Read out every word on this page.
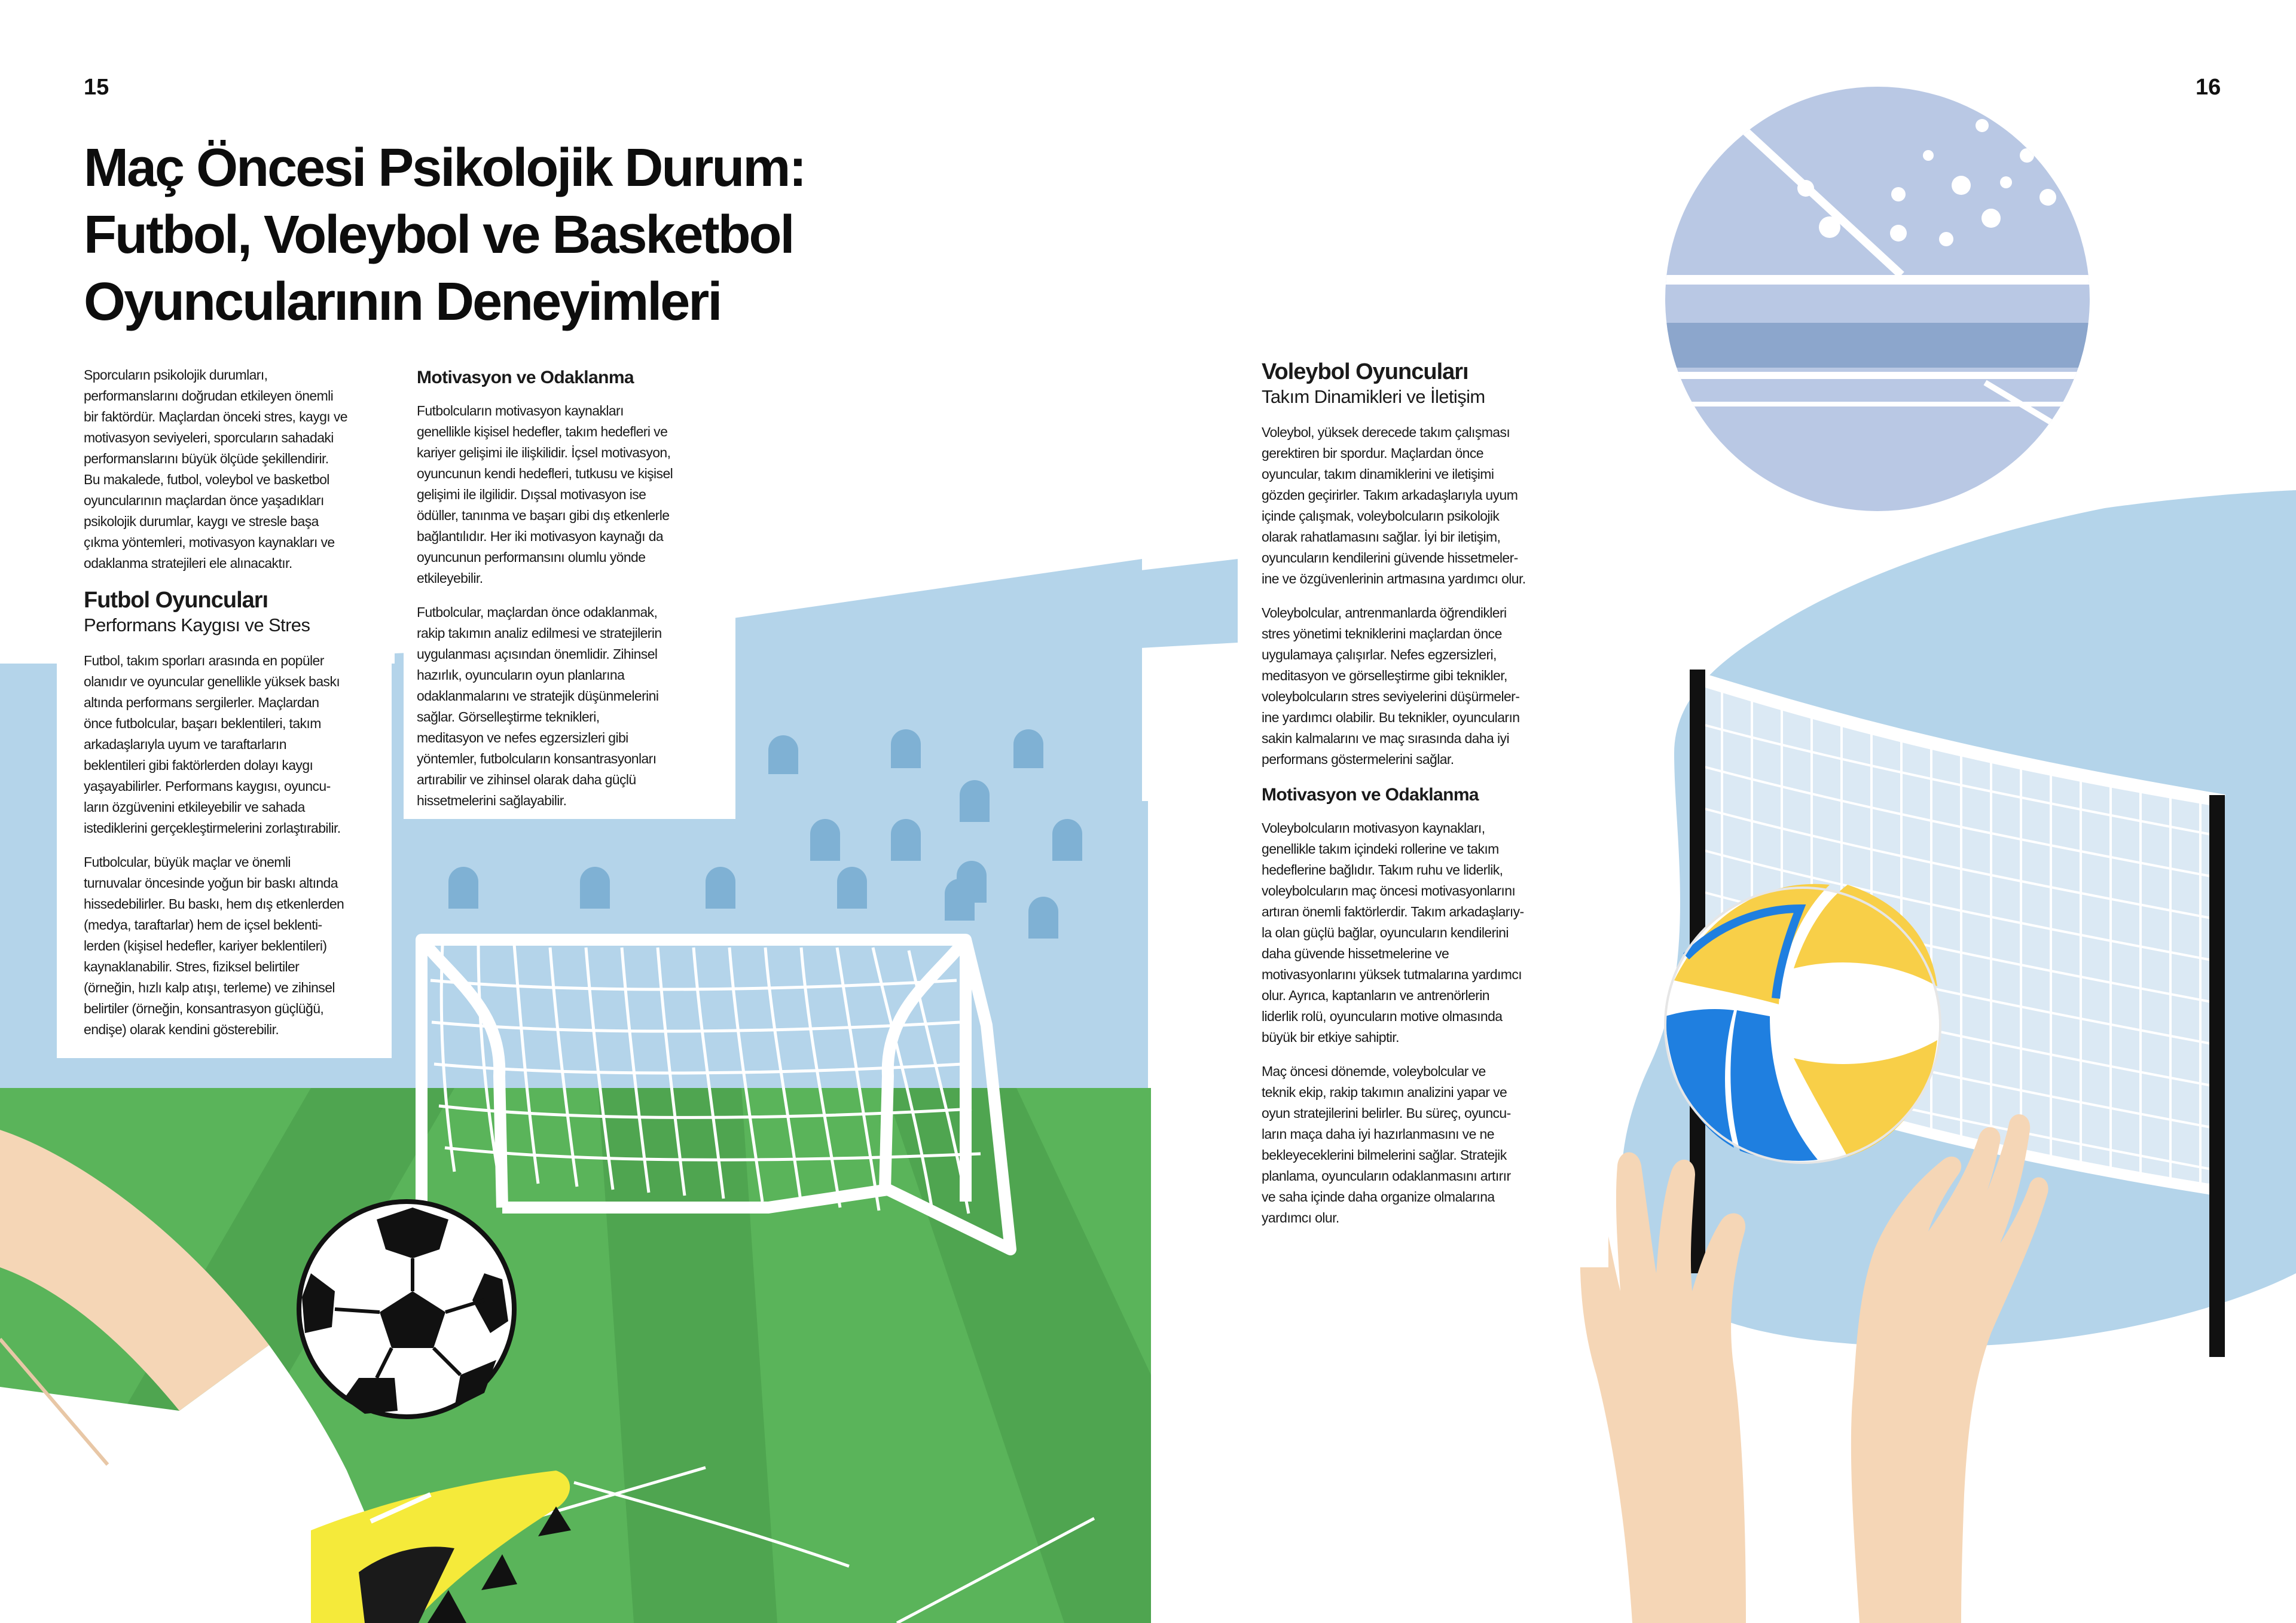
15	16
Maç Öncesi Psikolojik Durum:
Futbol, Voleybol ve Basketbol
Oyuncularının Deneyimleri

Sporcuların psikolojik durumları,
performanslarını doğrudan etkileyen önemli
bir faktördür. Maçlardan önceki stres, kaygı ve
motivasyon seviyeleri, sporcuların sahadaki
performanslarını büyük ölçüde şekillendirir.
Bu makalede, futbol, voleybol ve basketbol
oyuncularının maçlardan önce yaşadıkları
psikolojik durumlar, kaygı ve stresle başa
çıkma yöntemleri, motivasyon kaynakları ve
odaklanma stratejileri ele alınacaktır.

Futbol Oyuncuları
Performans Kaygısı ve Stres

Futbol, takım sporları arasında en popüler
olanıdır ve oyuncular genellikle yüksek baskı
altında performans sergilerler. Maçlardan
önce futbolcular, başarı beklentileri, takım
arkadaşlarıyla uyum ve taraftarların
beklentileri gibi faktörlerden dolayı kaygı
yaşayabilirler. Performans kaygısı, oyuncu-
ların özgüvenini etkileyebilir ve sahada
istediklerini gerçekleştirmelerini zorlaştırabilir.

Futbolcular, büyük maçlar ve önemli
turnuvalar öncesinde yoğun bir baskı altında
hissedebilirler. Bu baskı, hem dış etkenlerden
(medya, taraftarlar) hem de içsel beklenti-
lerden (kişisel hedefler, kariyer beklentileri)
kaynaklanabilir. Stres, fiziksel belirtiler
(örneğin, hızlı kalp atışı, terleme) ve zihinsel
belirtiler (örneğin, konsantrasyon güçlüğü,
endişe) olarak kendini gösterebilir.

Motivasyon ve Odaklanma

Futbolcuların motivasyon kaynakları
genellikle kişisel hedefler, takım hedefleri ve
kariyer gelişimi ile ilişkilidir. İçsel motivasyon,
oyuncunun kendi hedefleri, tutkusu ve kişisel
gelişimi ile ilgilidir. Dışsal motivasyon ise
ödüller, tanınma ve başarı gibi dış etkenlerle
bağlantılıdır. Her iki motivasyon kaynağı da
oyuncunun performansını olumlu yönde
etkileyebilir.

Futbolcular, maçlardan önce odaklanmak,
rakip takımın analiz edilmesi ve stratejilerin
uygulanması açısından önemlidir. Zihinsel
hazırlık, oyuncuların oyun planlarına
odaklanmalarını ve stratejik düşünmelerini
sağlar. Görselleştirme teknikleri,
meditasyon ve nefes egzersizleri gibi
yöntemler, futbolcuların konsantrasyonları
artırabilir ve zihinsel olarak daha güçlü
hissetmelerini sağlayabilir.

Voleybol Oyuncuları
Takım Dinamikleri ve İletişim

Voleybol, yüksek derecede takım çalışması
gerektiren bir spordur. Maçlardan önce
oyuncular, takım dinamiklerini ve iletişimi
gözden geçirirler. Takım arkadaşlarıyla uyum
içinde çalışmak, voleybolcuların psikolojik
olarak rahatlamasını sağlar. İyi bir iletişim,
oyuncuların kendilerini güvende hissetmeler-
ine ve özgüvenlerinin artmasına yardımcı olur.

Voleybolcular, antrenmanlarda öğrendikleri
stres yönetimi tekniklerini maçlardan önce
uygulamaya çalışırlar. Nefes egzersizleri,
meditasyon ve görselleştirme gibi teknikler,
voleybolcuların stres seviyelerini düşürmeler-
ine yardımcı olabilir. Bu teknikler, oyuncuların
sakin kalmalarını ve maç sırasında daha iyi
performans göstermelerini sağlar.

Motivasyon ve Odaklanma

Voleybolcuların motivasyon kaynakları,
genellikle takım içindeki rollerine ve takım
hedeflerine bağlıdır. Takım ruhu ve liderlik,
voleybolcuların maç öncesi motivasyonlarını
artıran önemli faktörlerdir. Takım arkadaşlarıy-
la olan güçlü bağlar, oyuncuların kendilerini
daha güvende hissetmelerine ve
motivasyonlarını yüksek tutmalarına yardımcı
olur. Ayrıca, kaptanların ve antrenörlerin
liderlik rolü, oyuncuların motive olmasında
büyük bir etkiye sahiptir.

Maç öncesi dönemde, voleybolcular ve
teknik ekip, rakip takımın analizini yapar ve
oyun stratejilerini belirler. Bu süreç, oyuncu-
ların maça daha iyi hazırlanmasını ve ne
bekleyeceklerini bilmelerini sağlar. Stratejik
planlama, oyuncuların odaklanmasını artırır
ve saha içinde daha organize olmalarına
yardımcı olur.
